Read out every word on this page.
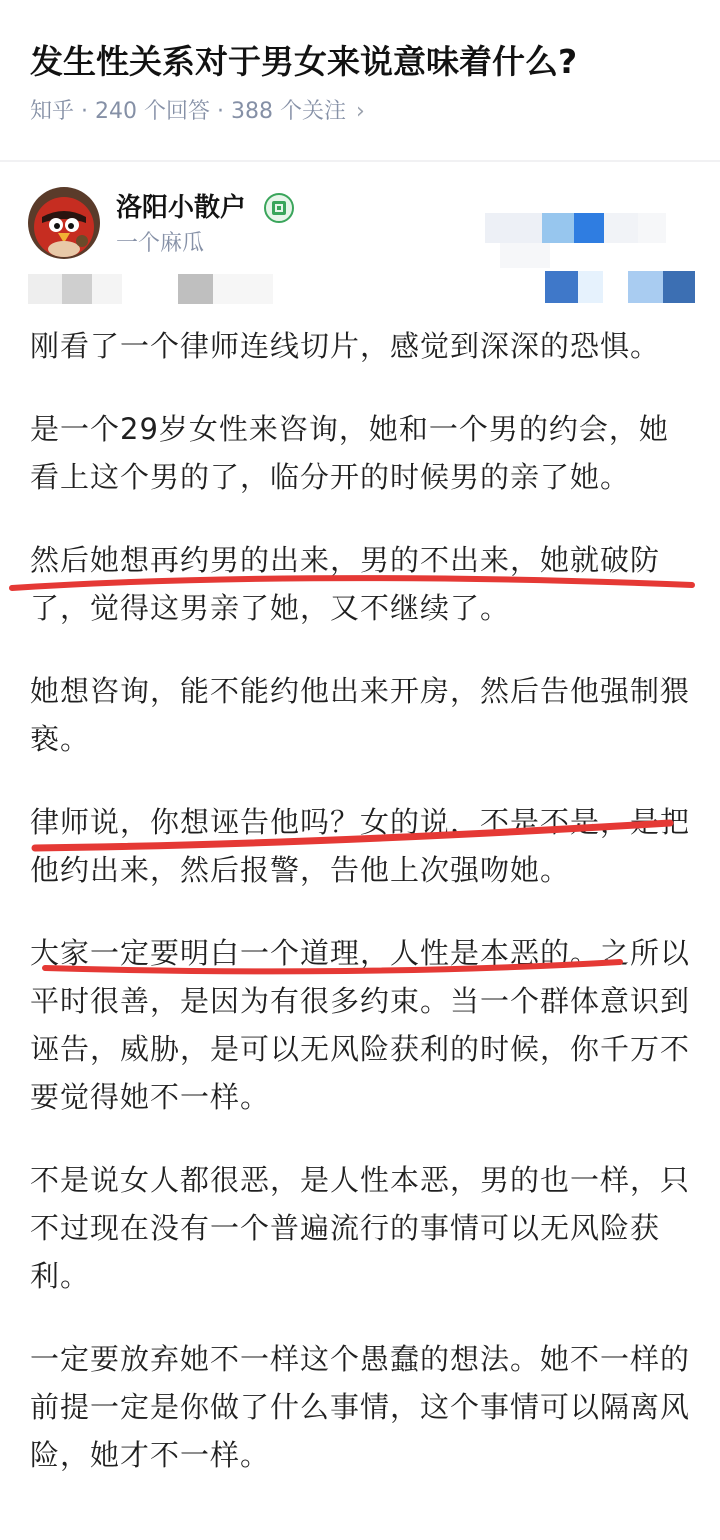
发生性关系对于男女来说意味着什么?
知乎 · 240 个回答 · 388 个关注 ›
洛阳小散户
一个麻瓜

刚看了一个律师连线切片，感觉到深深的恐惧。

是一个29岁女性来咨询，她和一个男的约会，她看上这个男的了，临分开的时候男的亲了她。

然后她想再约男的出来，男的不出来，她就破防了，觉得这男亲了她，又不继续了。

她想咨询，能不能约他出来开房，然后告他强制猥亵。

律师说，你想诬告他吗？女的说，不是不是，是把他约出来，然后报警，告他上次强吻她。

大家一定要明白一个道理，人性是本恶的。之所以平时很善，是因为有很多约束。当一个群体意识到诬告，威胁，是可以无风险获利的时候，你千万不要觉得她不一样。

不是说女人都很恶，是人性本恶，男的也一样，只不过现在没有一个普遍流行的事情可以无风险获利。

一定要放弃她不一样这个愚蠢的想法。她不一样的前提一定是你做了什么事情，这个事情可以隔离风险，她才不一样。
